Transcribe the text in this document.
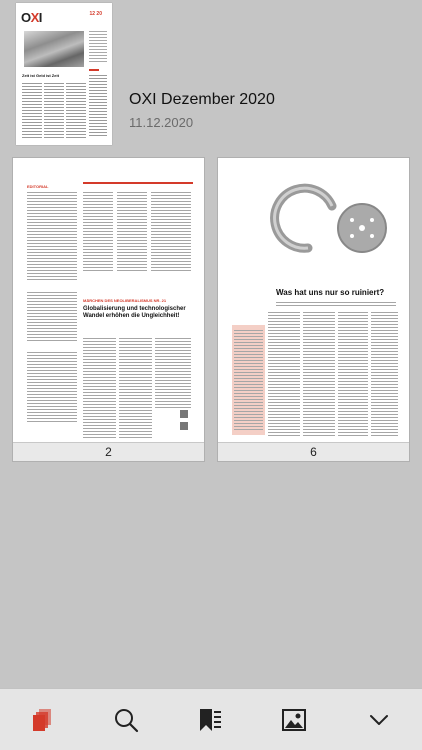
OXI	12 20
Zeit ist Geld ist Zeit
OXI Dezember 2020
11.12.2020
EDITORIAL
MÄRCHEN DES NEOLIBERALISMUS NR. 21
Globalisierung und technologischer Wandel erhöhen die Ungleichheit!
2
Was hat uns nur so ruiniert?
6
